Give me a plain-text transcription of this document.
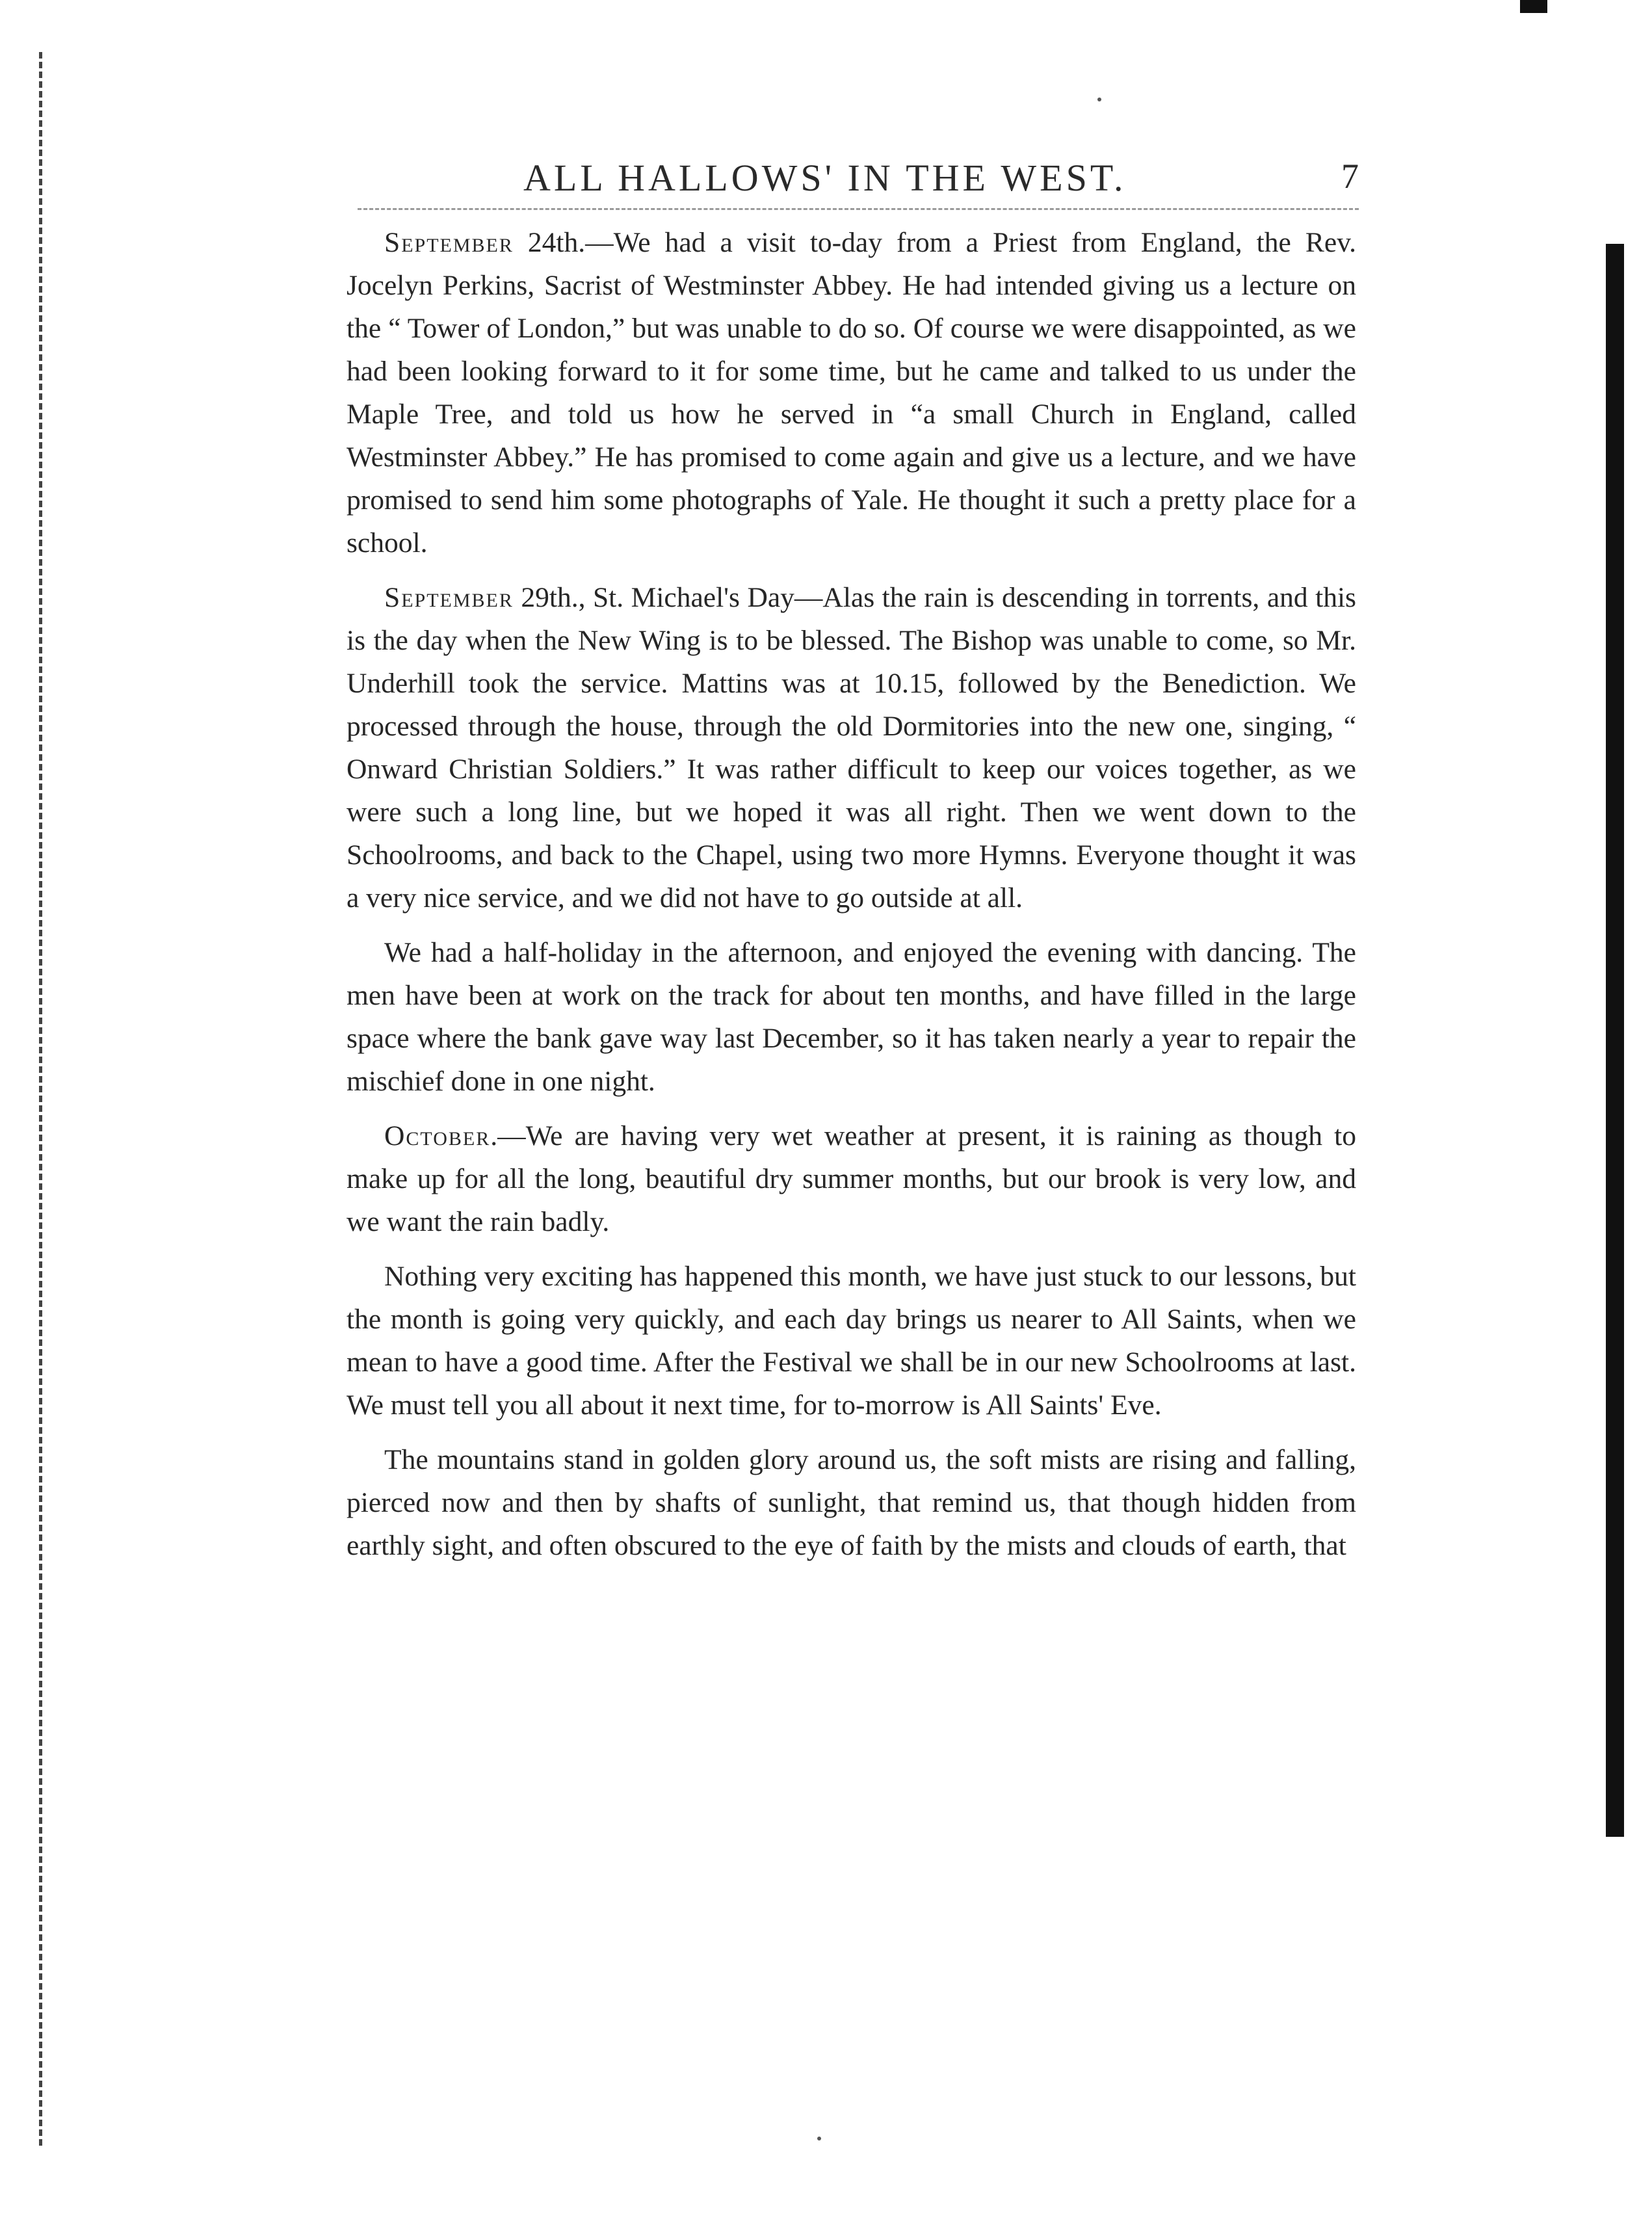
ALL HALLOWS' IN THE WEST.	7

September 24th.—We had a visit to-day from a Priest from England, the Rev. Jocelyn Perkins, Sacrist of Westminster Abbey. He had intended giving us a lecture on the “ Tower of London,” but was unable to do so. Of course we were disappointed, as we had been looking forward to it for some time, but he came and talked to us under the Maple Tree, and told us how he served in “a small Church in England, called Westminster Abbey.” He has promised to come again and give us a lecture, and we have promised to send him some photographs of Yale. He thought it such a pretty place for a school.

September 29th., St. Michael's Day—Alas the rain is descending in torrents, and this is the day when the New Wing is to be blessed. The Bishop was unable to come, so Mr. Underhill took the service. Mattins was at 10.15, followed by the Benediction. We processed through the house, through the old Dormitories into the new one, singing, “ Onward Christian Soldiers.” It was rather difficult to keep our voices together, as we were such a long line, but we hoped it was all right. Then we went down to the Schoolrooms, and back to the Chapel, using two more Hymns. Everyone thought it was a very nice service, and we did not have to go outside at all.

We had a half-holiday in the afternoon, and enjoyed the evening with dancing. The men have been at work on the track for about ten months, and have filled in the large space where the bank gave way last December, so it has taken nearly a year to repair the mischief done in one night.

October.—We are having very wet weather at present, it is raining as though to make up for all the long, beautiful dry summer months, but our brook is very low, and we want the rain badly.

Nothing very exciting has happened this month, we have just stuck to our lessons, but the month is going very quickly, and each day brings us nearer to All Saints, when we mean to have a good time. After the Festival we shall be in our new Schoolrooms at last. We must tell you all about it next time, for to-morrow is All Saints' Eve.

The mountains stand in golden glory around us, the soft mists are rising and falling, pierced now and then by shafts of sunlight, that remind us, that though hidden from earthly sight, and often obscured to the eye of faith by the mists and clouds of earth, that
